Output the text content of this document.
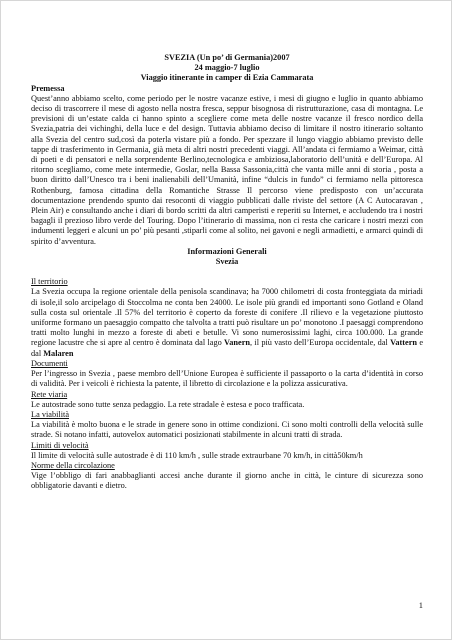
SVEZIA (Un po’ di Germania)2007

24 maggio-7 luglio

Viaggio itinerante in camper di Ezia Cammarata

Premessa

Quest’anno abbiamo scelto, come periodo per le nostre vacanze estive, i mesi di giugno e luglio in quanto abbiamo deciso di trascorrere il mese di agosto nella nostra fresca, seppur bisognosa di ristrutturazione, casa di montagna. Le previsioni di un’estate calda ci hanno spinto a scegliere come meta delle nostre vacanze il fresco nordico della Svezia,patria dei vichinghi, della luce e del design. Tuttavia abbiamo deciso di limitare il nostro itinerario soltanto alla Svezia del centro sud,così da poterla vistare più a fondo. Per spezzare il lungo viaggio abbiamo previsto delle tappe di trasferimento in Germania, già meta di altri nostri precedenti viaggi. All’andata ci fermiamo a Weimar, città di poeti e di pensatori e nella sorprendente Berlino,tecnologica e ambiziosa,laboratorio dell’unità e dell’Europa. Al ritorno scegliamo, come mete intermedie, Goslar, nella Bassa Sassonia,città che vanta mille anni di storia , posta a buon diritto dall’Unesco tra i beni inalienabili dell’Umanità, infine “dulcis in fundo” ci fermiamo nella pittoresca Rothenburg, famosa cittadina della Romantiche Strasse Il percorso viene predisposto con un’accurata documentazione prendendo spunto dai resoconti di viaggio pubblicati dalle riviste del settore (A C Autocaravan , Plein Air) e consultando anche i diari di bordo scritti da altri camperisti e reperiti su Internet, e accludendo tra i nostri bagagli il prezioso libro verde del Touring. Dopo l’itinerario di massima, non ci resta che caricare i nostri mezzi con indumenti leggeri e alcuni un po’ più pesanti ,stiparli come al solito, nei gavoni e negli armadietti, e armarci quindi di spirito d’avventura.

Informazioni Generali

Svezia

Il territorio

La Svezia occupa la regione orientale della penisola scandinava; ha 7000 chilometri di costa fronteggiata da miriadi di isole,il solo arcipelago di Stoccolma ne conta ben 24000. Le isole più grandi ed importanti sono Gotland e Oland sulla costa sul orientale .Il 57% del territorio è coperto da foreste di conifere .Il rilievo e la vegetazione piuttosto uniforme formano un paesaggio compatto che talvolta a tratti può risultare un po’ monotono .I paesaggi comprendono tratti molto lunghi in mezzo a foreste di abeti e betulle. Vi sono numerosissimi laghi, circa 100.000. La grande regione lacustre che si apre al centro è dominata dal lago Vanern, il più vasto dell’Europa occidentale, dal Vattern e dal Malaren

Documenti

Per l’ingresso in Svezia , paese membro dell’Unione Europea è sufficiente il passaporto o la carta d’identità in corso di validità. Per i veicoli è richiesta la patente, il libretto di circolazione e la polizza assicurativa.

Rete viaria

Le autostrade sono tutte senza pedaggio. La rete stradale è estesa e poco trafficata.

La viabilità

La viabilità è molto buona e le strade in genere sono in ottime condizioni. Ci sono molti controlli della velocità sulle strade. Si notano infatti, autovelox automatici posizionati stabilmente in alcuni tratti di strada.

Limiti di velocità

Il limite di velocità sulle autostrade è di 110 km/h , sulle strade extraurbane 70 km/h, in città50km/h

Norme della circolazione

Vige l’obbligo di fari anabbaglianti accesi anche durante il giorno anche in città, le cinture di sicurezza sono obbligatorie davanti e dietro.

1
